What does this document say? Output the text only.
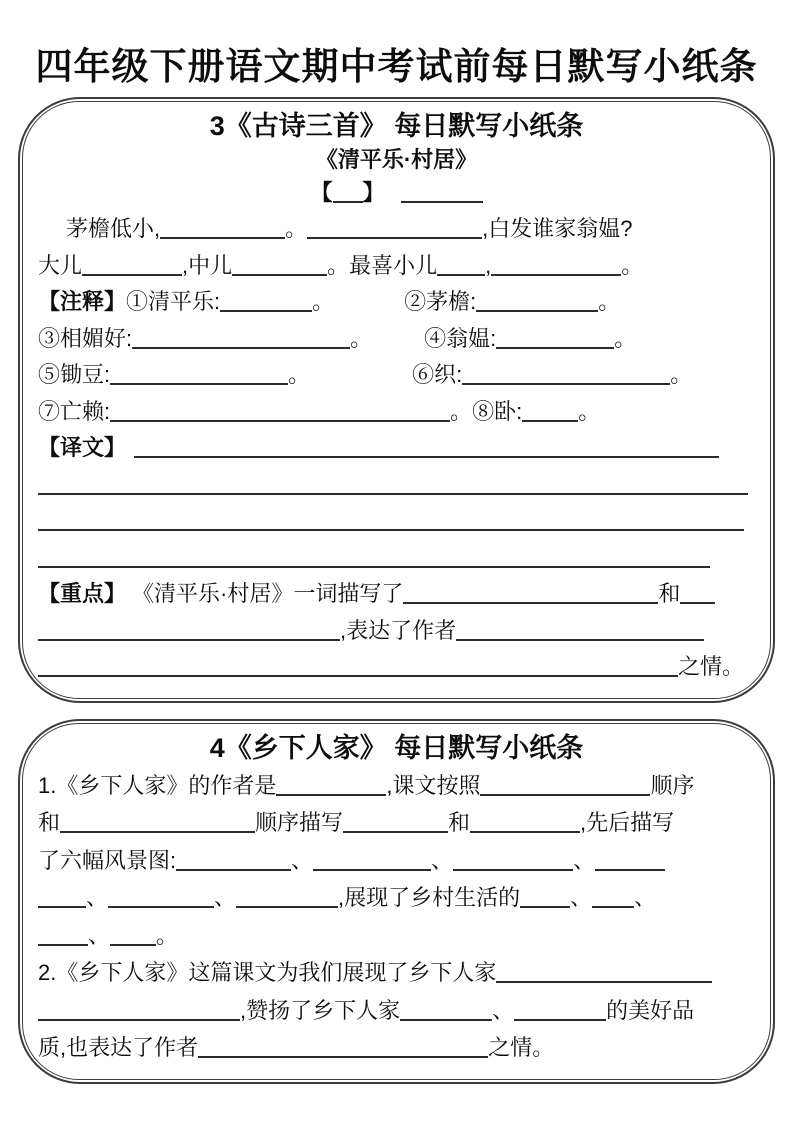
四年级下册语文期中考试前每日默写小纸条
3《古诗三首》 每日默写小纸条
《清平乐·村居》
【 】
茅檐低小,	。	,白发谁家翁媪?
大儿	,中儿	。最喜小儿 ,	。
【注释】①清平乐:	。	②茅檐:	。
③相媚好:	。 ④翁媪:	。
⑤锄豆:	。	⑥织:	。
⑦亡赖:	。⑧卧:	。
【译文】
【重点】 《清平乐·村居》一词描写了	和
,表达了作者
之情。
4《乡下人家》 每日默写小纸条
1.《乡下人家》的作者是	,课文按照	顺序
和	顺序描写	和	,先后描写
了六幅风景图:	、	、	、
、	、	,展现了乡村生活的 、 、
、 。
2.《乡下人家》这篇课文为我们展现了乡下人家
,赞扬了乡下人家	、	的美好品
质,也表达了作者	之情。
